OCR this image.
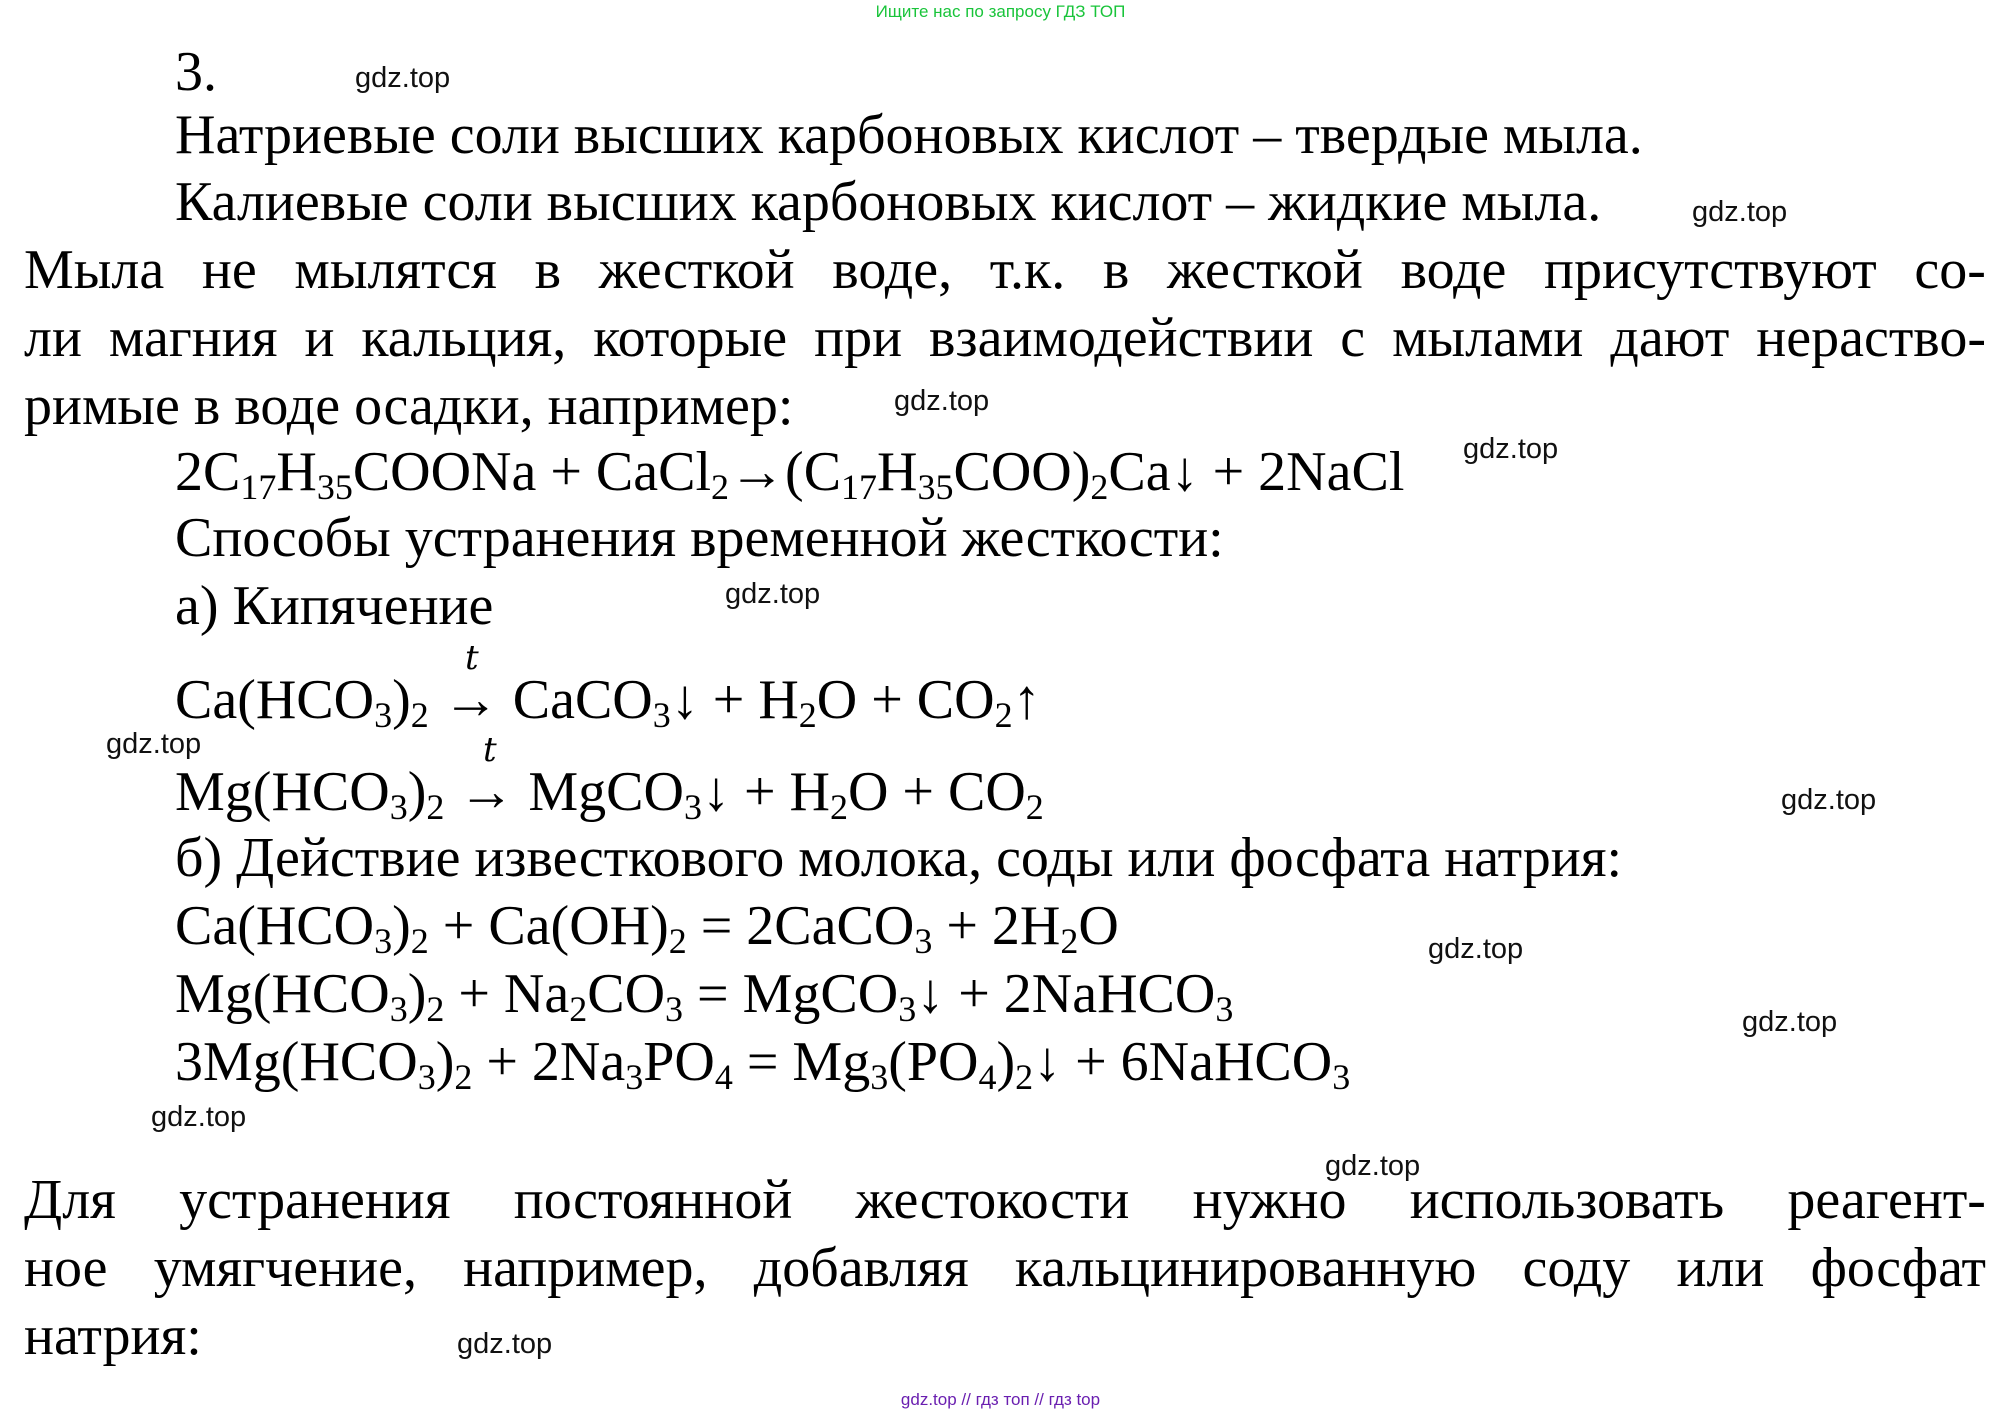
Ищите нас по запросу ГДЗ ТОП
3.
Натриевые соли высших карбоновых кислот – твердые мыла.
Калиевые соли высших карбоновых кислот – жидкие мыла.
Мыла не мылятся в жесткой воде, т.к. в жесткой воде присутствуют со-
ли магния и кальция, которые при взаимодействии с мылами дают нераство-
римые в воде осадки, например:
$2C_{17}H_{35}COONa$ + $CaCl_2\to(C_{17}H_{35}COO)_2Ca↓$ + 2NaCl
Способы устранения временной жесткости:
а) Кипячение
t
$Ca(HCO_3)_2$ → CaCO$_3$↓ + $H_2O$ + $CO_2↑$
t
$Mg(HCO_3)_2$ → MgCO$_3$↓ + $H_2O + CO_2$
б) Действие известкового молока, соды или фосфата натрия:
$Ca(HCO_3)_2 + Ca(OH)_2$ = 2CaCO$_3$ + $2H_2O$
$Mg(HCO_3)_2 + Na_2CO_3$ = MgCO$_3$↓ + 2NaHCO$_3$
$3Mg(HCO_3)_2 + 2Na_3PO_4$ = $Mg_3(PO_4)_2↓$ + 6NaHCO$_3$
Для устранения постоянной жестокости нужно использовать реагент-
ное умягчение, например, добавляя кальцинированную соду или фосфат
натрия:
gdz.top
gdz.top
gdz.top
gdz.top
gdz.top
gdz.top
gdz.top
gdz.top
gdz.top
gdz.top
gdz.top
gdz.top
gdz.top // гдз топ // гдз top
